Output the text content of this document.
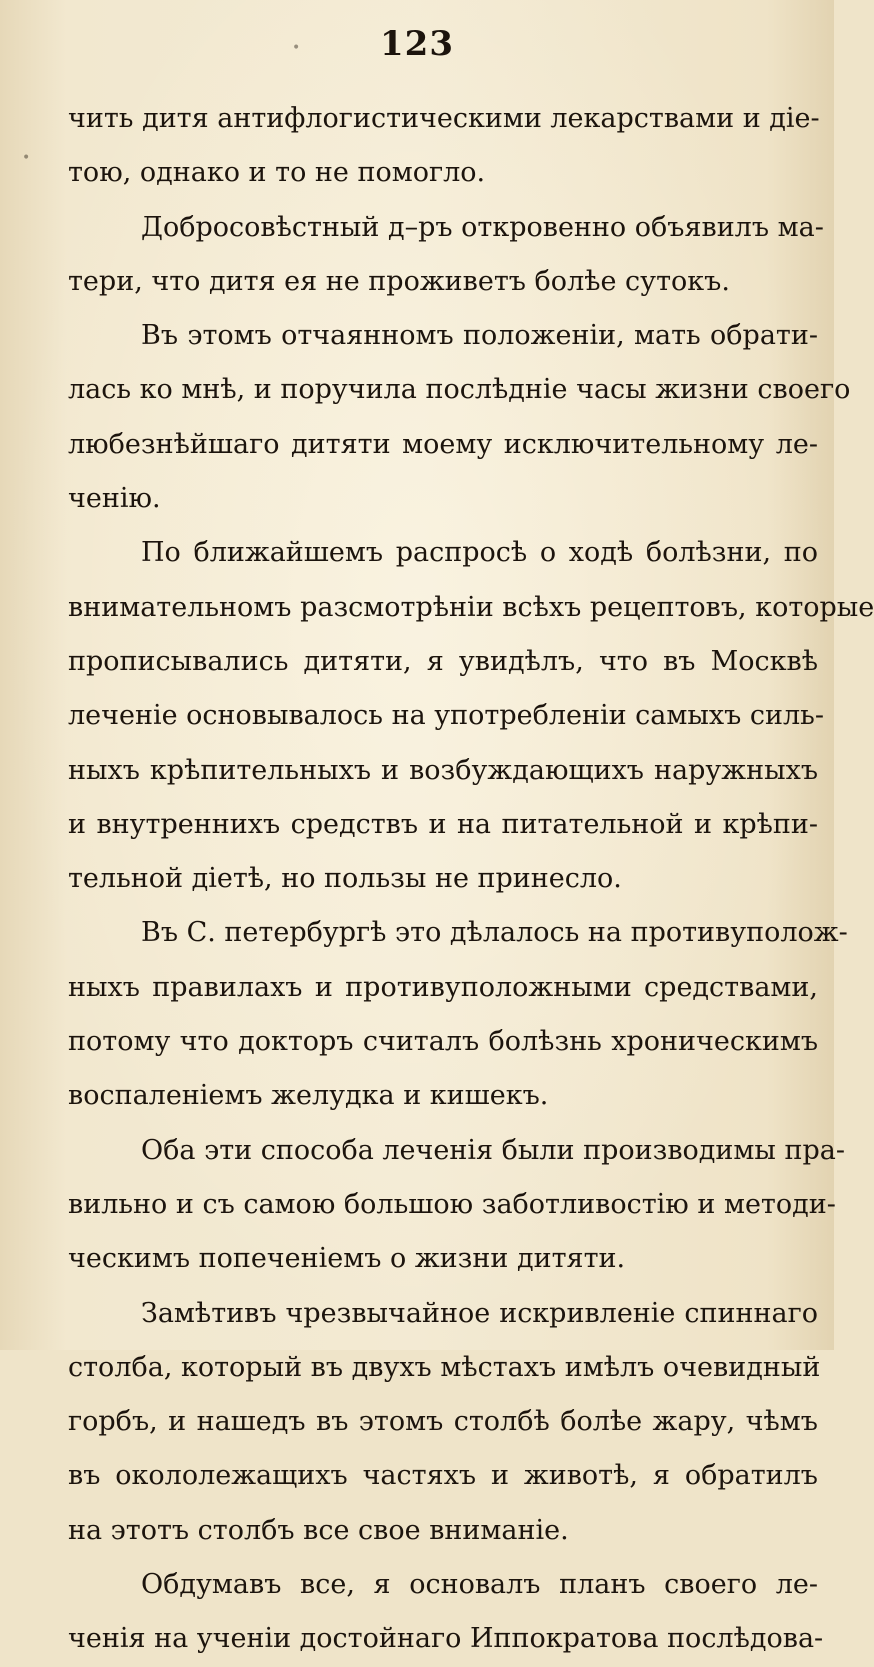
•
•
123
чить дитя антифлогистическими лекарствами и діе-
тою, однако и то не помогло.
Добросовѣстный д–ръ откровенно объявилъ ма-
тери, что дитя ея не проживетъ болѣе сутокъ.
Въ этомъ отчаянномъ положеніи, мать обрати-
лась ко мнѣ, и поручила послѣдніе часы жизни своего
любезнѣйшаго дитяти моему исключительному ле-
ченію.
По ближайшемъ распросѣ о ходѣ болѣзни, по
внимательномъ разсмотрѣніи всѣхъ рецептовъ, которые
прописывались дитяти, я увидѣлъ, что въ Москвѣ
леченіе основывалось на употребленіи самыхъ силь-
ныхъ крѣпительныхъ и возбуждающихъ наружныхъ
и внутреннихъ средствъ и на питательной и крѣпи-
тельной діетѣ, но пользы не принесло.
Въ С. петербургѣ это дѣлалось на противуполож-
ныхъ правилахъ и противуположными средствами,
потому что докторъ считалъ болѣзнь хроническимъ
воспаленіемъ желудка и кишекъ.
Оба эти способа леченія были производимы пра-
вильно и съ самою большою заботливостію и методи-
ческимъ попеченіемъ о жизни дитяти.
Замѣтивъ чрезвычайное искривленіе спиннаго
столба, который въ двухъ мѣстахъ имѣлъ очевидный
горбъ, и нашедъ въ этомъ столбѣ болѣе жару, чѣмъ
въ окололежащихъ частяхъ и животѣ, я обратилъ
на этотъ столбъ все свое вниманіе.
Обдумавъ все, я основалъ планъ своего ле-
ченія на ученіи достойнаго Иппократова послѣдова-
